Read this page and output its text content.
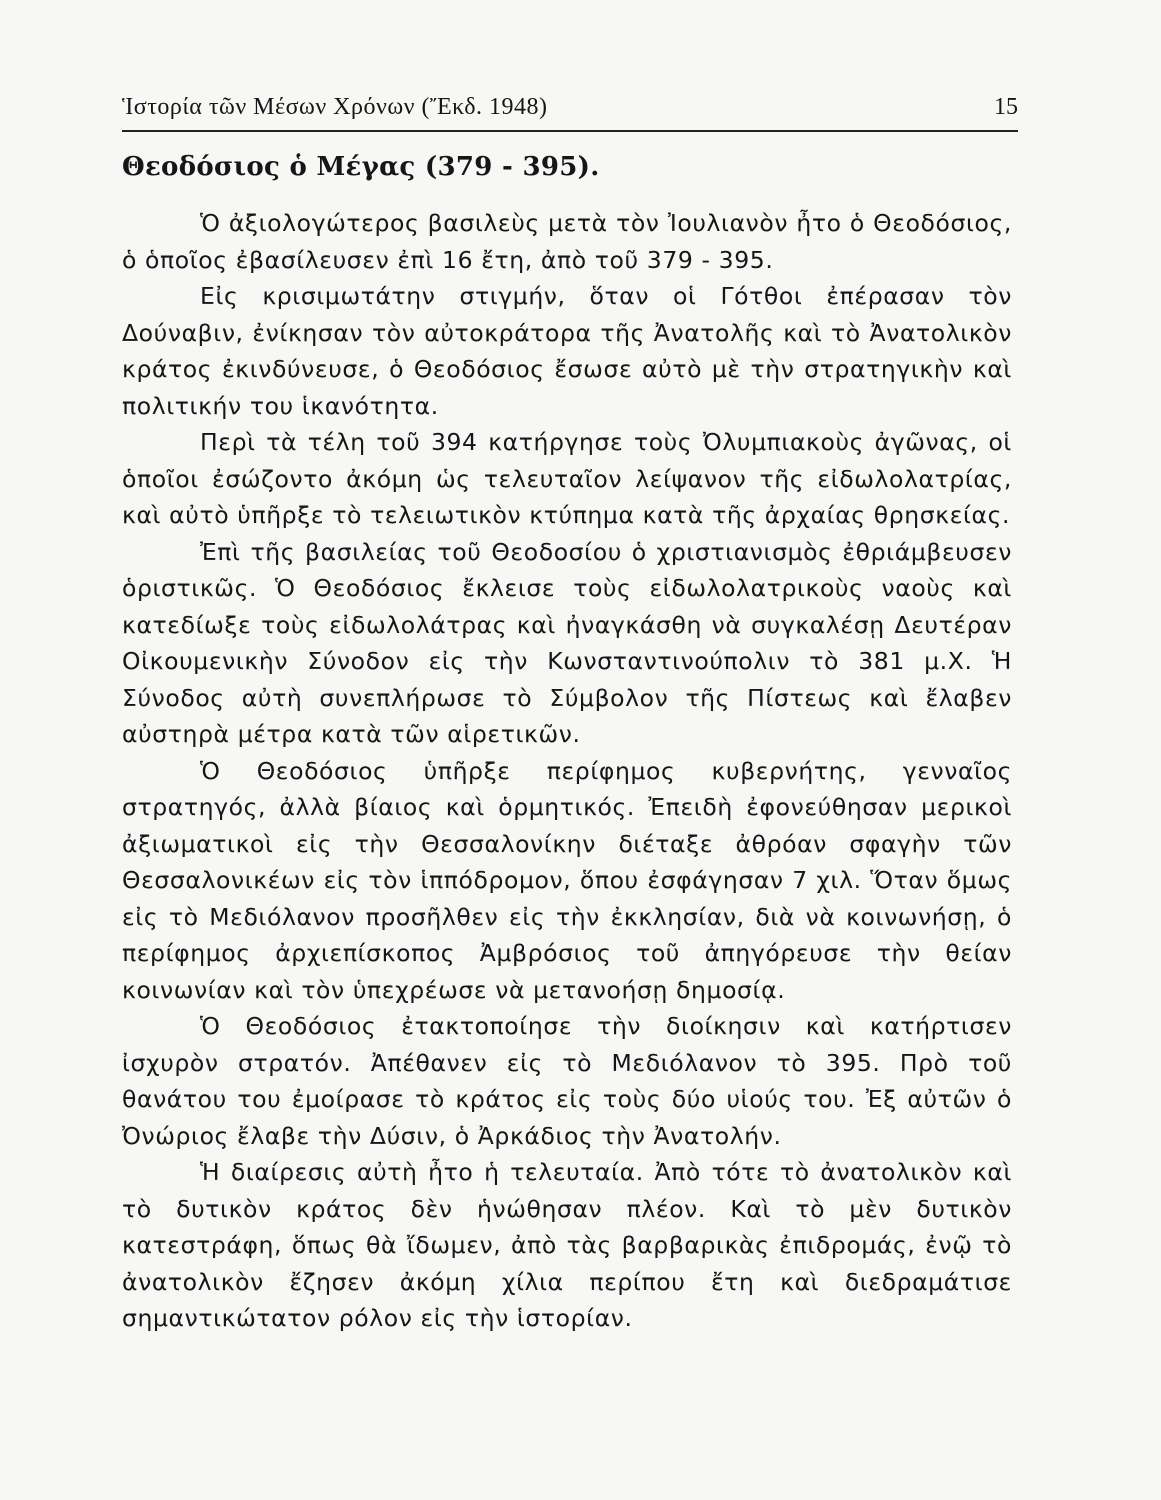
Ἱστορία τῶν Μέσων Χρόνων (Ἔκδ. 1948)	15
Θεοδόσιος ὁ Μέγας (379 - 395).

Ὁ ἀξιολογώτερος βασιλεὺς μετὰ τὸν Ἰουλιανὸν ἦτο ὁ Θεοδόσιος, ὁ ὁποῖος ἐβασίλευσεν ἐπὶ 16 ἔτη, ἀπὸ τοῦ 379 - 395.

Εἰς κρισιμωτάτην στιγμήν, ὅταν οἱ Γότθοι ἐπέρασαν τὸν Δούναβιν, ἐνίκησαν τὸν αὐτοκράτορα τῆς Ἀνατολῆς καὶ τὸ Ἀνατολικὸν κράτος ἐκινδύνευσε, ὁ Θεοδόσιος ἔσωσε αὐτὸ μὲ τὴν στρατηγικὴν καὶ πολιτικήν του ἱκανότητα.

Περὶ τὰ τέλη τοῦ 394 κατήργησε τοὺς Ὀλυμπιακοὺς ἀγῶνας, οἱ ὁποῖοι ἐσώζοντο ἀκόμη ὡς τελευταῖον λείψανον τῆς εἰδωλολατρίας, καὶ αὐτὸ ὑπῆρξε τὸ τελειωτικὸν κτύπημα κατὰ τῆς ἀρχαίας θρησκείας.

Ἐπὶ τῆς βασιλείας τοῦ Θεοδοσίου ὁ χριστιανισμὸς ἐθριάμβευσεν ὁριστικῶς. Ὁ Θεοδόσιος ἔκλεισε τοὺς εἰδωλολατρικοὺς ναοὺς καὶ κατεδίωξε τοὺς εἰδωλολάτρας καὶ ἠναγκάσθη νὰ συγκαλέσῃ Δευτέραν Οἰκουμενικὴν Σύνοδον εἰς τὴν Κωνσταντινούπολιν τὸ 381 μ.Χ. Ἡ Σύνοδος αὐτὴ συνεπλήρωσε τὸ Σύμβολον τῆς Πίστεως καὶ ἔλαβεν αὐστηρὰ μέτρα κατὰ τῶν αἱρετικῶν.

Ὁ Θεοδόσιος ὑπῆρξε περίφημος κυβερνήτης, γενναῖος στρατηγός, ἀλλὰ βίαιος καὶ ὁρμητικός. Ἐπειδὴ ἐφονεύθησαν μερικοὶ ἀξιωματικοὶ εἰς τὴν Θεσσαλονίκην διέταξε ἀθρόαν σφαγὴν τῶν Θεσσαλονικέων εἰς τὸν ἱππόδρομον, ὅπου ἐσφάγησαν 7 χιλ. Ὅταν ὅμως εἰς τὸ Μεδιόλανον προσῆλθεν εἰς τὴν ἐκκλησίαν, διὰ νὰ κοινωνήσῃ, ὁ περίφημος ἀρχιεπίσκοπος Ἀμβρόσιος τοῦ ἀπηγόρευσε τὴν θείαν κοινωνίαν καὶ τὸν ὑπεχρέωσε νὰ μετανοήσῃ δημοσίᾳ.

Ὁ Θεοδόσιος ἐτακτοποίησε τὴν διοίκησιν καὶ κατήρτισεν ἰσχυρὸν στρατόν. Ἀπέθανεν εἰς τὸ Μεδιόλανον τὸ 395. Πρὸ τοῦ θανάτου του ἐμοίρασε τὸ κράτος εἰς τοὺς δύο υἱούς του. Ἐξ αὐτῶν ὁ Ὀνώριος ἔλαβε τὴν Δύσιν, ὁ Ἀρκάδιος τὴν Ἀνατολήν.

Ἡ διαίρεσις αὐτὴ ἦτο ἡ τελευταία. Ἀπὸ τότε τὸ ἀνατολικὸν καὶ τὸ δυτικὸν κράτος δὲν ἡνώθησαν πλέον. Καὶ τὸ μὲν δυτικὸν κατεστράφη, ὅπως θὰ ἴδωμεν, ἀπὸ τὰς βαρβαρικὰς ἐπιδρομάς, ἐνῷ τὸ ἀνατολικὸν ἔζησεν ἀκόμη χίλια περίπου ἔτη καὶ διεδραμάτισε σημαντικώτατον ρόλον εἰς τὴν ἱστορίαν.
